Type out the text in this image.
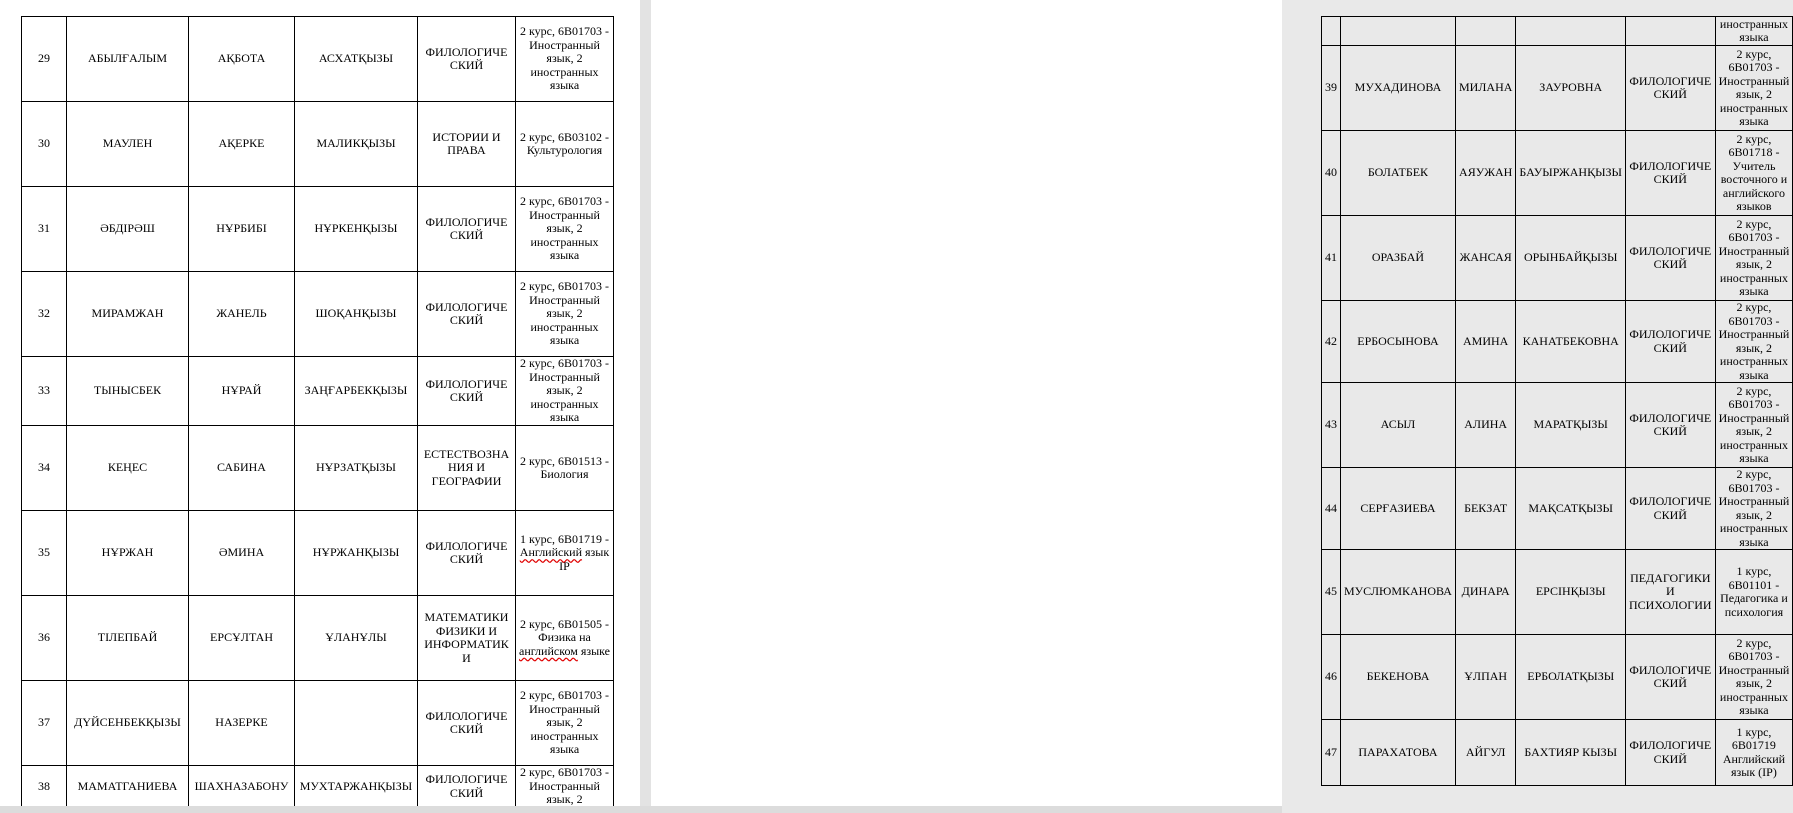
29	АБЫЛҒАЛЫМ	АҚБОТА	АСХАТҚЫЗЫ	ФИЛОЛОГИЧЕ СКИЙ	2 курс, 6В01703 - Иностранный язык, 2 иностранных языка
30	МАУЛЕН	АҚЕРКЕ	МАЛИКҚЫЗЫ	ИСТОРИИ И ПРАВА	2 курс, 6В03102 - Культурология
31	ӘБДІРӘШ	НҰРБИБІ	НҰРКЕНҚЫЗЫ	ФИЛОЛОГИЧЕ СКИЙ	2 курс, 6В01703 - Иностранный язык, 2 иностранных языка
32	МИРАМЖАН	ЖАНЕЛЬ	ШОҚАНҚЫЗЫ	ФИЛОЛОГИЧЕ СКИЙ	2 курс, 6В01703 - Иностранный язык, 2 иностранных языка
33	ТЫНЫСБЕК	НҰРАЙ	ЗАҢҒАРБЕКҚЫЗЫ	ФИЛОЛОГИЧЕ СКИЙ	2 курс, 6В01703 - Иностранный язык, 2 иностранных языка
34	КЕҢЕС	САБИНА	НҰРЗАТҚЫЗЫ	ЕСТЕСТВОЗНА НИЯ И ГЕОГРАФИИ	2 курс, 6В01513 - Биология
35	НҰРЖАН	ӘМИНА	НҰРЖАНҚЫЗЫ	ФИЛОЛОГИЧЕ СКИЙ	1 курс, 6В01719 - Английский язык IP
36	ТІЛЕПБАЙ	ЕРСҰЛТАН	ҰЛАНҰЛЫ	МАТЕМАТИКИ ФИЗИКИ И ИНФОРМАТИК И	2 курс, 6В01505 - Физика на английском языке
37	ДҮЙСЕНБЕКҚЫЗЫ	НАЗЕРКЕ		ФИЛОЛОГИЧЕ СКИЙ	2 курс, 6В01703 - Иностранный язык, 2 иностранных языка
38	МАМАТГАНИЕВА	ШАХНАЗАБОНУ	МУХТАРЖАНҚЫЗЫ	ФИЛОЛОГИЧЕ СКИЙ	2 курс, 6В01703 - Иностранный язык, 2
					иностранных языка
39	МУХАДИНОВА	МИЛАНА	ЗАУРОВНА	ФИЛОЛОГИЧЕ СКИЙ	2 курс, 6В01703 - Иностранный язык, 2 иностранных языка
40	БОЛАТБЕК	АЯУЖАН	БАУЫРЖАНҚЫЗЫ	ФИЛОЛОГИЧЕ СКИЙ	2 курс, 6В01718 - Учитель восточного и английского языков
41	ОРАЗБАЙ	ЖАНСАЯ	ОРЫНБАЙҚЫЗЫ	ФИЛОЛОГИЧЕ СКИЙ	2 курс, 6В01703 - Иностранный язык, 2 иностранных языка
42	ЕРБОСЫНОВА	АМИНА	КАНАТБЕКОВНА	ФИЛОЛОГИЧЕ СКИЙ	2 курс, 6В01703 - Иностранный язык, 2 иностранных языка
43	АСЫЛ	АЛИНА	МАРАТҚЫЗЫ	ФИЛОЛОГИЧЕ СКИЙ	2 курс, 6В01703 - Иностранный язык, 2 иностранных языка
44	СЕРҒАЗИЕВА	БЕКЗАТ	МАҚСАТҚЫЗЫ	ФИЛОЛОГИЧЕ СКИЙ	2 курс, 6В01703 - Иностранный язык, 2 иностранных языка
45	МУСЛЮМКАНОВА	ДИНАРА	ЕРСІНҚЫЗЫ	ПЕДАГОГИКИ И ПСИХОЛОГИИ	1 курс, 6В01101 - Педагогика и психология
46	БЕКЕНОВА	ҰЛПАН	ЕРБОЛАТҚЫЗЫ	ФИЛОЛОГИЧЕ СКИЙ	2 курс, 6В01703 - Иностранный язык, 2 иностранных языка
47	ПАРАХАТОВА	АЙГУЛ	БАХТИЯР КЫЗЫ	ФИЛОЛОГИЧЕ СКИЙ	1 курс, 6В01719 Английский язык (IP)
